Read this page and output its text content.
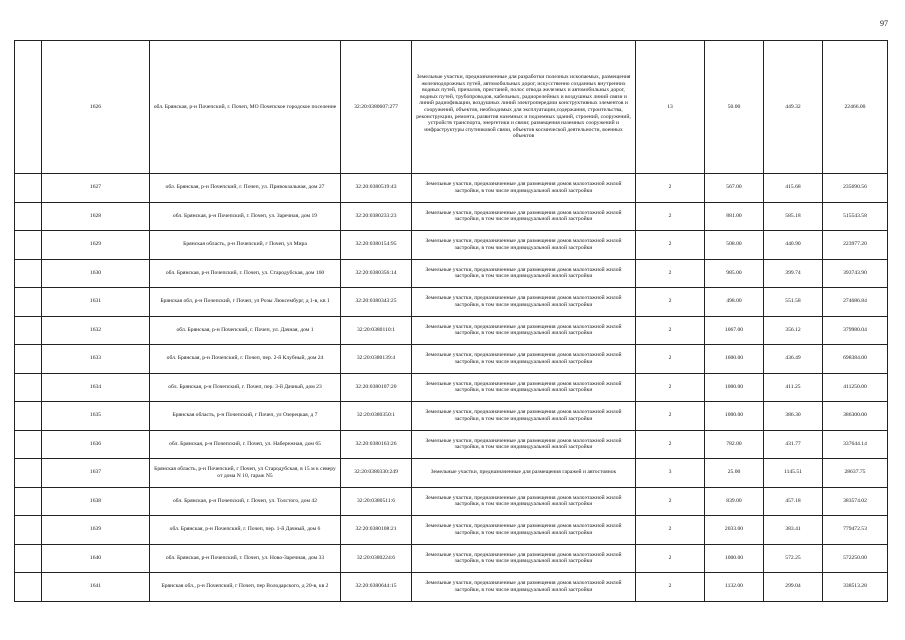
97
	1626	обл. Брянская, р-н Почепский, г. Почеп, МО Почепское городское поселение	32:20:0380607:277	Земельные участки, предназначенные для разработки полезных ископаемых, размещения железнодорожных путей, автомобильных дорог, искусственно созданных внутренних водных путей, причалов, пристаней, полос отвода железных и автомобильных дорог, водных путей, трубопроводов, кабельных, радиорелейных и воздушных линий связи и линий радиофикации, воздушных линий электропередачи конструктивных элементов и сооружений, объектов, необходимых для эксплуатации,содержания, строительства, реконструкции, ремонта, развития наземных и подземных зданий, строений, сооружений, устройств транспорта, энергетики и связи; размещения наземных сооружений и инфраструктуры спутниковой связи, объектов космической деятельности, военных объектов	13	50.00	449.32	22466.00
	1627	обл. Брянская, р-н Почепский, г. Почеп, ул. Привокзальная, дом 27	32:20:0380519:43	Земельные участки, предназначенные для размещения домов малоэтажной жилой застройки, в том числе индивидуальной жилой застройки	2	567.00	415.68	235690.56
	1628	обл. Брянская, р-н Почепский, г. Почеп, ул. Заречная, дом 19	32:20:0380233:23	Земельные участки, предназначенные для размещения домов малоэтажной жилой застройки, в том числе индивидуальной жилой застройки	2	881.00	585.18	515543.58
	1629	Брянская область, р-н Почепский, г Почеп, ул Мира	32:20:0380154:95	Земельные участки, предназначенные для размещения домов малоэтажной жилой застройки, в том числе индивидуальной жилой застройки	2	508.00	440.90	223977.20
	1630	обл. Брянская, р-н Почепский, г. Почеп, ул. Стародубская, дом 160	32:20:0380356:14	Земельные участки, предназначенные для размещения домов малоэтажной жилой застройки, в том числе индивидуальной жилой застройки	2	985.00	399.74	393743.90
	1631	Брянская обл, р-н Почепский, г Почеп, ул Розы Люксембург, д 1-в, кв 1	32:20:0380343:25	Земельные участки, предназначенные для размещения домов малоэтажной жилой застройки, в том числе индивидуальной жилой застройки	2	498.00	551.58	274686.84
	1632	обл. Брянская, р-н Почепский, г. Почеп, ул. Дачная, дом 1	32:20:0380110:1	Земельные участки, предназначенные для размещения домов малоэтажной жилой застройки, в том числе индивидуальной жилой застройки	2	1067.00	356.12	379980.04
	1633	обл. Брянская, р-н Почепский, г. Почеп, пер. 2-й Клубный, дом 24	32:20:0380139:4	Земельные участки, предназначенные для размещения домов малоэтажной жилой застройки, в том числе индивидуальной жилой застройки	2	1600.00	436.49	698384.00
	1634	обл. Брянская, р-н Почепский, г. Почеп, пер. 3-й Дачный, дом 23	32:20:0380107:20	Земельные участки, предназначенные для размещения домов малоэтажной жилой застройки, в том числе индивидуальной жилой застройки	2	1000.00	411.25	411250.00
	1635	Брянская область, р-н Почепский, г Почеп, ул Озерецкая, д 7	32:20:0380350:1	Земельные участки, предназначенные для размещения домов малоэтажной жилой застройки, в том числе индивидуальной жилой застройки	2	1000.00	386.30	386300.00
	1636	обл. Брянская, р-н Почепский, г. Почеп, ул. Набережная, дом 65	32:20:0380163:26	Земельные участки, предназначенные для размещения домов малоэтажной жилой застройки, в том числе индивидуальной жилой застройки	2	782.00	431.77	337644.14
	1637	Брянская область, р-н Почепский, г Почеп, ул Стародубская, в 15 м к северу от дома N 10, гараж N5	32:20:0380330:249	Земельные участки, предназначенные для размещения гаражей и автостоянок	3	25.00	1145.51	28637.75
	1638	обл. Брянская, р-н Почепский, г. Почеп, ул. Толстого, дом 42	32:20:0380511:6	Земельные участки, предназначенные для размещения домов малоэтажной жилой застройки, в том числе индивидуальной жилой застройки	2	839.00	457.18	383574.02
	1639	обл. Брянская, р-н Почепский, г. Почеп, пер. 1-й Дачный, дом 6	32:20:0380108:21	Земельные участки, предназначенные для размещения домов малоэтажной жилой застройки, в том числе индивидуальной жилой застройки	2	2033.00	383.41	779472.53
	1640	обл. Брянская, р-н Почепский, г. Почеп, ул. Ново-Заречная, дом 33	32:20:0380224:6	Земельные участки, предназначенные для размещения домов малоэтажной жилой застройки, в том числе индивидуальной жилой застройки	2	1000.00	572.25	572250.00
	1641	Брянская обл., р-н Почепский, г Почеп, пер Володарского, д 20-в, кв 2	32:20:0380644:15	Земельные участки, предназначенные для размещения домов малоэтажной жилой застройки, в том числе индивидуальной жилой застройки	2	1132.00	299.04	338513.28
